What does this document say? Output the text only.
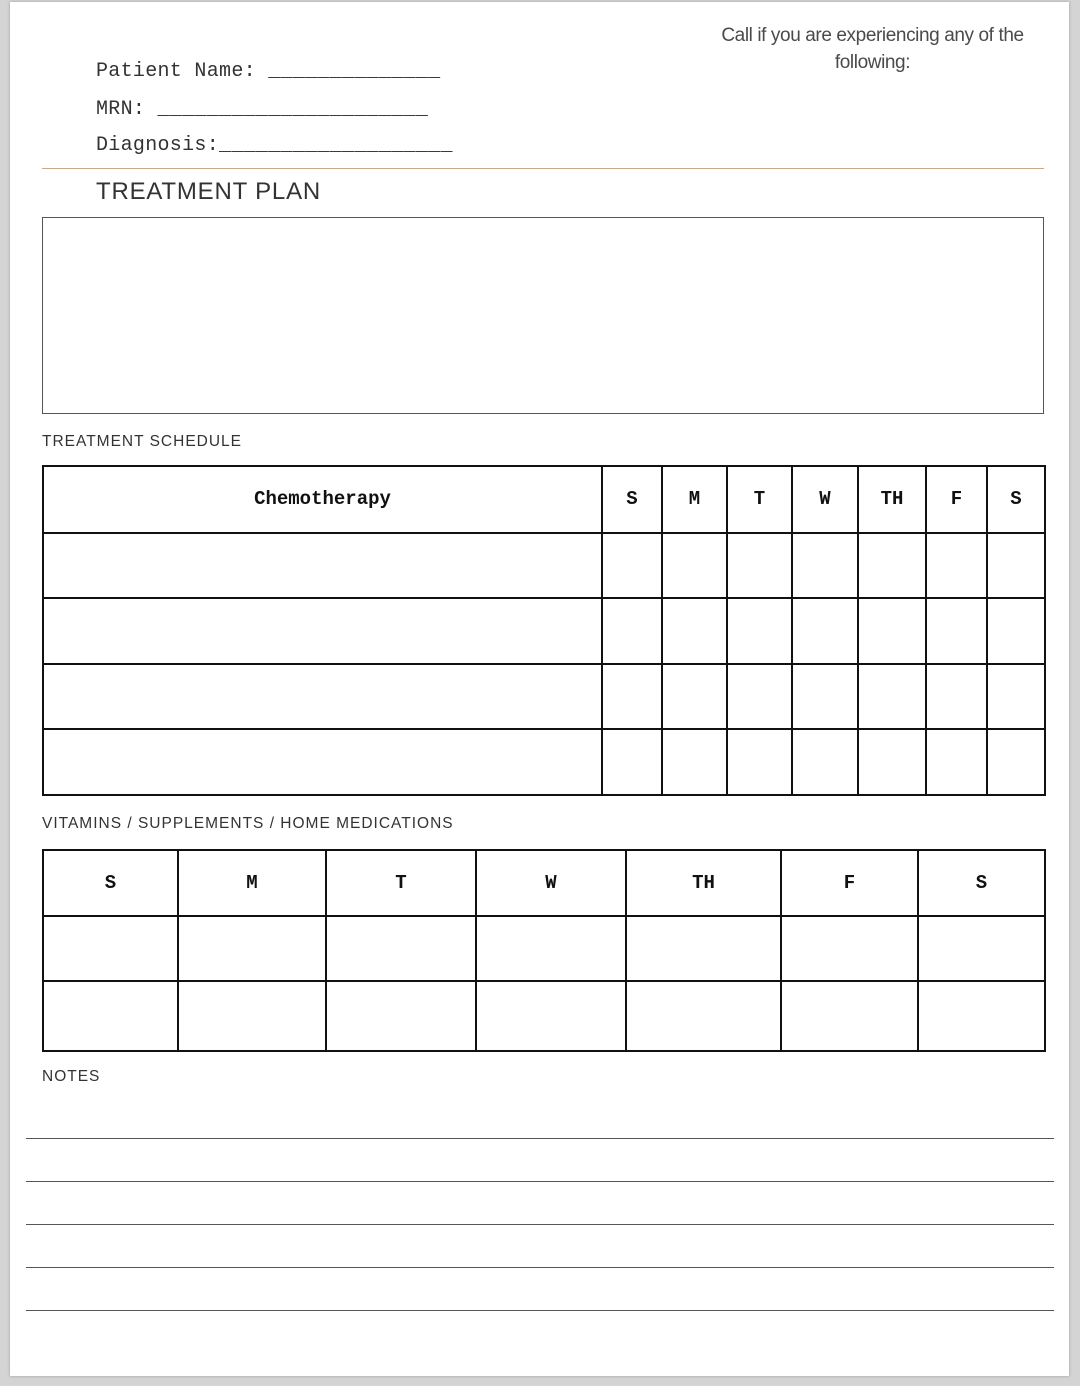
Patient Name: ______________
MRN: ______________________
Diagnosis:___________________
Call if you are experiencing any of the following:
TREATMENT PLAN
TREATMENT SCHEDULE
Chemotherapy	S	M	T	W	TH	F	S

VITAMINS / SUPPLEMENTS / HOME MEDICATIONS
S	M	T	W	TH	F	S

NOTES
